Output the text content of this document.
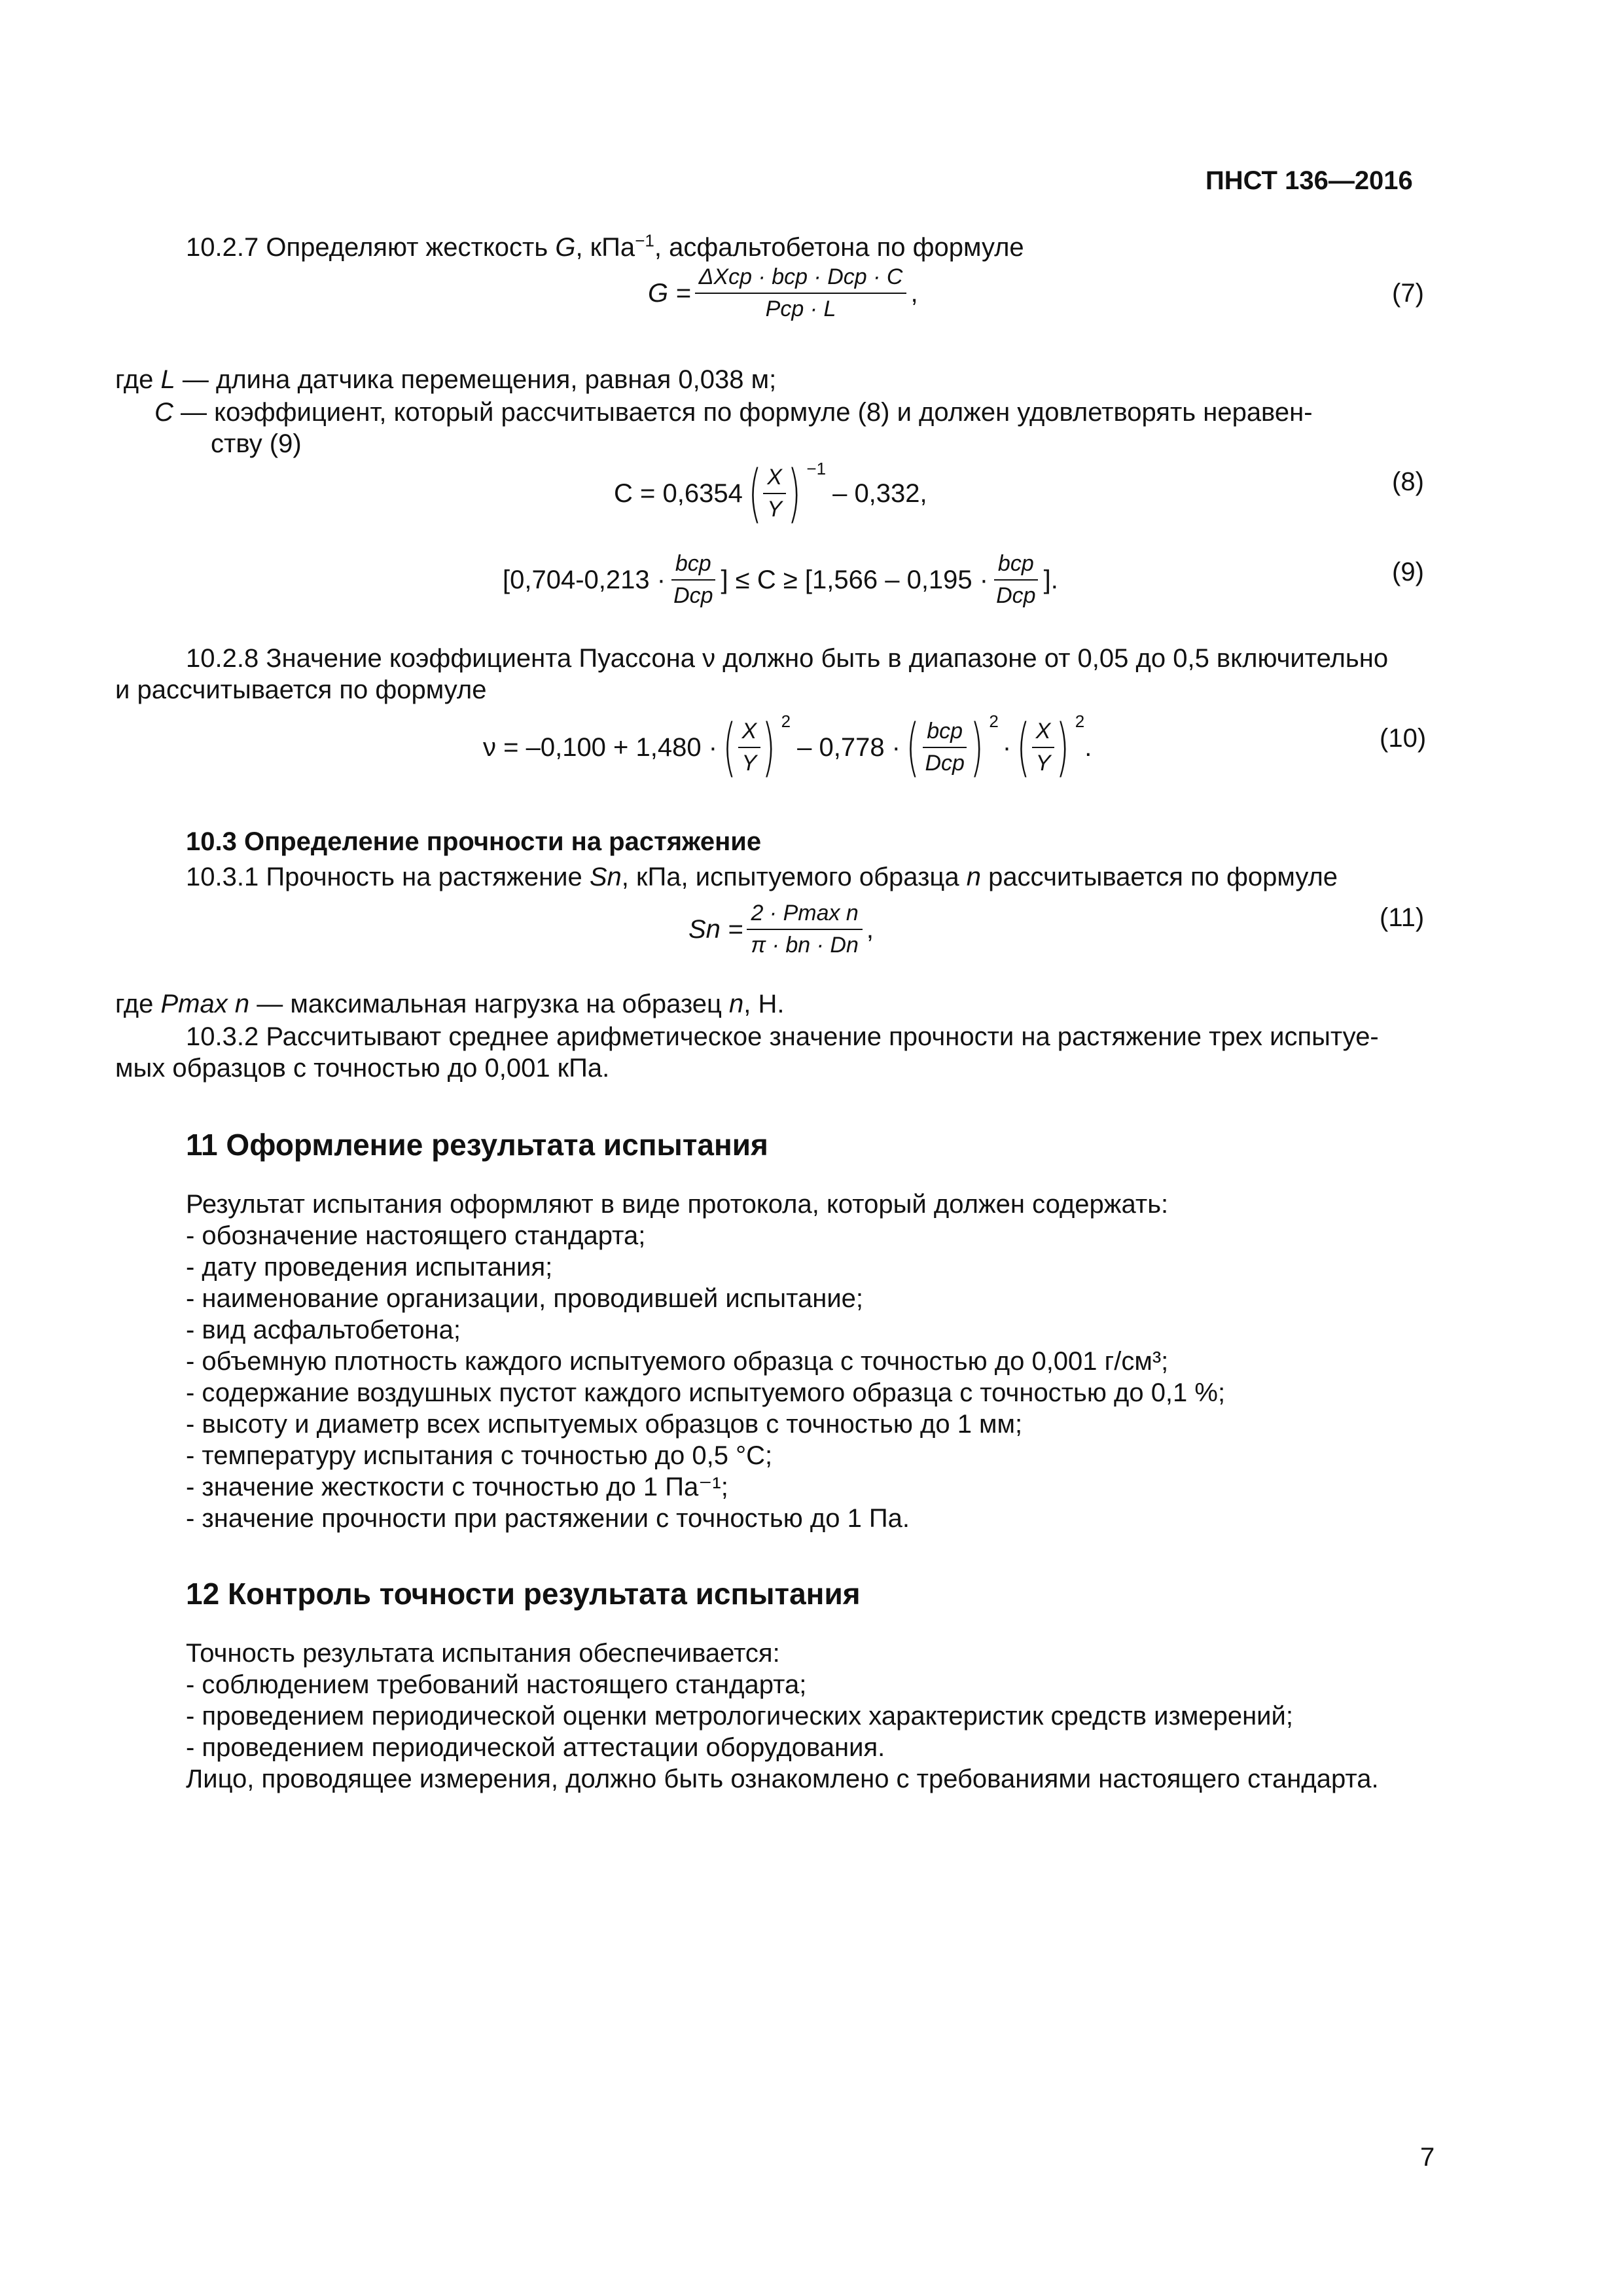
ПНСТ 136—2016
10.2.7 Определяют жесткость G, кПа$^{-1}$, асфальтобетона по формуле
$G = \frac{\text{ΔXср · bср · Dср · C}}{\text{Pср · L}}$ ,	(7)
где L — длина датчика перемещения, равная 0,038 м;
C — коэффициент, который рассчитывается по формуле (8) и должен удовлетворять неравен-
ству (9)
C = 0,6354 ( $\frac{X}{Y}$ ) −1
– 0,332,	(8)
[$0,704-0,213 \cdot \frac{\text{bср}}{\text{Dср}}$ ] ≤ $C \ge [1,566 - 0,195 \cdot \frac{\text{bср}}{\text{Dср}}$ ].	(9)
10.2.8 Значение коэффициента Пуассона ν должно быть в диапазоне от 0,05 до 0,5 включительно
и рассчитывается по формуле
ν = –0,100 + 1,480 · ( $\frac{X}{Y}$ ) 2
– 0,778 · ( $\frac{\text{bср}}{\text{Dср}}$ ) 2
· ( $\frac{X}{Y}$ ) 2
.	(10)
10.3 Определение прочности на растяжение
10.3.1 Прочность на растяжение Sn, кПа, испытуемого образца n рассчитывается по формуле
$Sn = \frac{\text{2 · Pmax n}}{\pi \cdot bn \cdot Dn}$ ,	(11)
где Pmax n — максимальная нагрузка на образец n, Н.
10.3.2 Рассчитывают среднее арифметическое значение прочности на растяжение трех испытуе-
мых образцов с точностью до 0,001 кПа.
11 Оформление результата испытания
Результат испытания оформляют в виде протокола, который должен содержать:
- обозначение настоящего стандарта;
- дату проведения испытания;
- наименование организации, проводившей испытание;
- вид асфальтобетона;
- объемную плотность каждого испытуемого образца с точностью до 0,001 г/см³;
- содержание воздушных пустот каждого испытуемого образца с точностью до 0,1 %;
- высоту и диаметр всех испытуемых образцов с точностью до 1 мм;
- температуру испытания с точностью до 0,5 °С;
- значение жесткости с точностью до 1 Па⁻¹;
- значение прочности при растяжении с точностью до 1 Па.
12 Контроль точности результата испытания
Точность результата испытания обеспечивается:
- соблюдением требований настоящего стандарта;
- проведением периодической оценки метрологических характеристик средств измерений;
- проведением периодической аттестации оборудования.
Лицо, проводящее измерения, должно быть ознакомлено с требованиями настоящего стандарта.
7
